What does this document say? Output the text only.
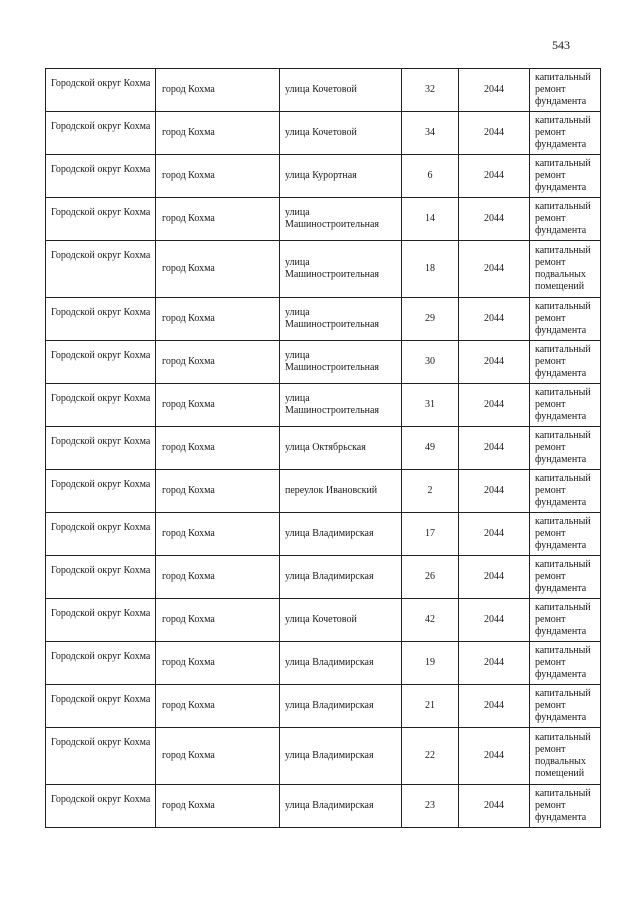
543
Городской округ Кохма	город Кохма	улица Кочетовой	32	2044	капитальный ремонт фундамента
Городской округ Кохма	город Кохма	улица Кочетовой	34	2044	капитальный ремонт фундамента
Городской округ Кохма	город Кохма	улица Курортная	6	2044	капитальный ремонт фундамента
Городской округ Кохма	город Кохма	улица Машиностроительная	14	2044	капитальный ремонт фундамента
Городской округ Кохма	город Кохма	улица Машиностроительная	18	2044	капитальный ремонт подвальных помещений
Городской округ Кохма	город Кохма	улица Машиностроительная	29	2044	капитальный ремонт фундамента
Городской округ Кохма	город Кохма	улица Машиностроительная	30	2044	капитальный ремонт фундамента
Городской округ Кохма	город Кохма	улица Машиностроительная	31	2044	капитальный ремонт фундамента
Городской округ Кохма	город Кохма	улица Октябрьская	49	2044	капитальный ремонт фундамента
Городской округ Кохма	город Кохма	переулок Ивановский	2	2044	капитальный ремонт фундамента
Городской округ Кохма	город Кохма	улица Владимирская	17	2044	капитальный ремонт фундамента
Городской округ Кохма	город Кохма	улица Владимирская	26	2044	капитальный ремонт фундамента
Городской округ Кохма	город Кохма	улица Кочетовой	42	2044	капитальный ремонт фундамента
Городской округ Кохма	город Кохма	улица Владимирская	19	2044	капитальный ремонт фундамента
Городской округ Кохма	город Кохма	улица Владимирская	21	2044	капитальный ремонт фундамента
Городской округ Кохма	город Кохма	улица Владимирская	22	2044	капитальный ремонт подвальных помещений
Городской округ Кохма	город Кохма	улица Владимирская	23	2044	капитальный ремонт фундамента
